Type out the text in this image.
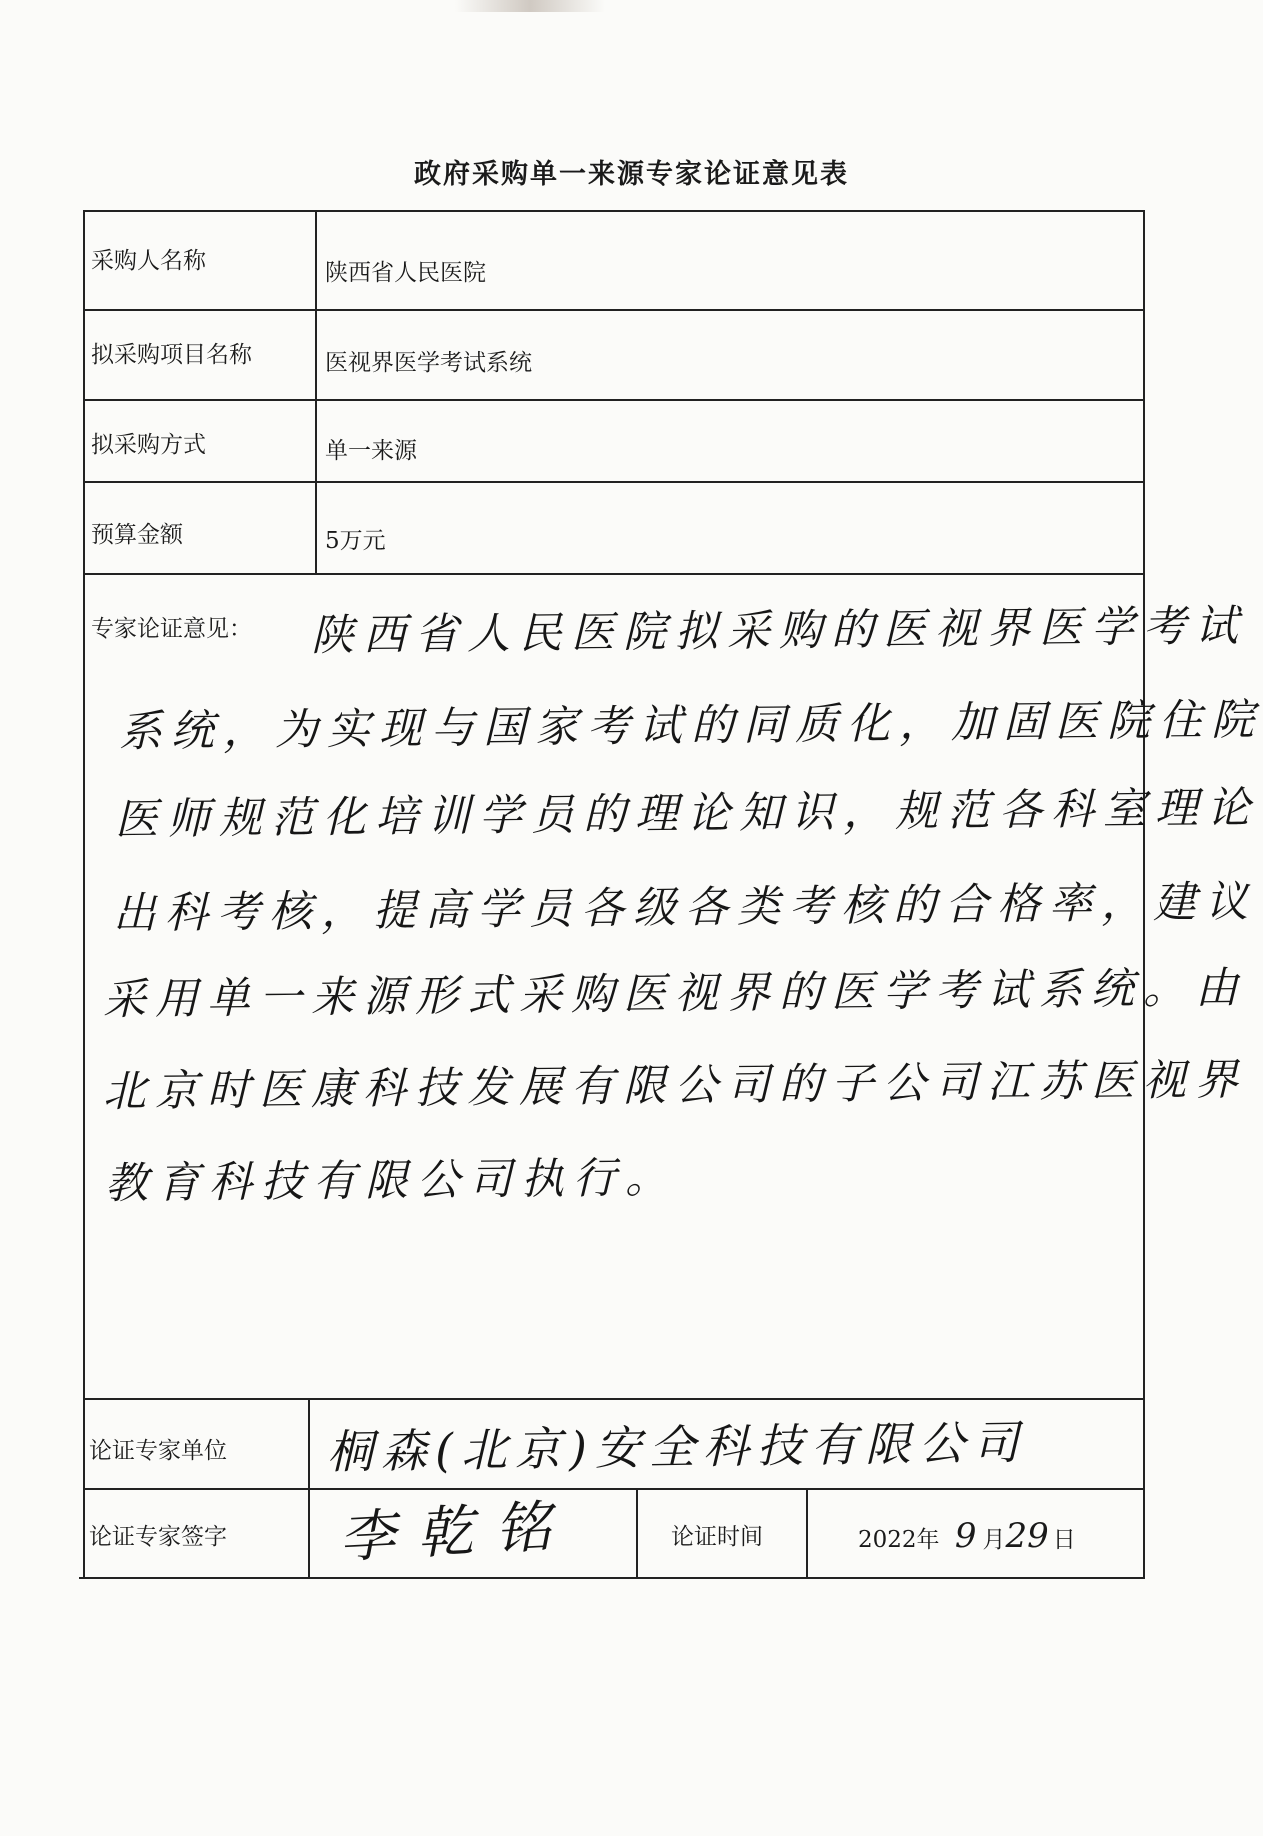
政府采购单一来源专家论证意见表
采购人名称	陕西省人民医院
拟采购项目名称	医视界医学考试系统
拟采购方式	单一来源
预算金额	5万元
专家论证意见： 陕西省人民医院拟采购的医视界医学考试
系统，为实现与国家考试的同质化，加固医院住院
医师规范化培训学员的理论知识，规范各科室理论
出科考核，提高学员各级各类考核的合格率，建议
采用单一来源形式采购医视界的医学考试系统。由
北京时医康科技发展有限公司的子公司江苏医视界
教育科技有限公司执行。
论证专家单位 桐森(北京)安全科技有限公司
论证专家签字 李乾铭	论证时间	2022年 9 月29 日
